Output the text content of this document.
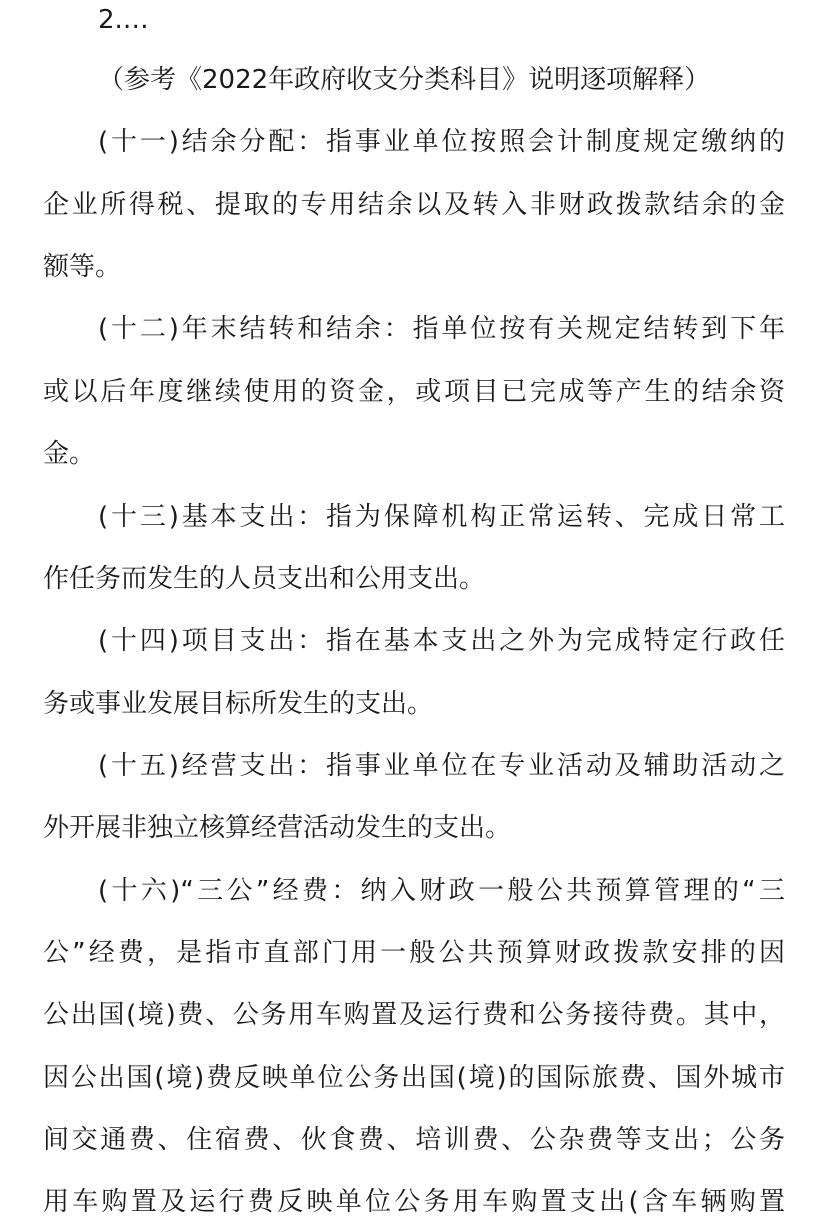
2.…
（参考《2022年政府收支分类科目》说明逐项解释）
(十一)结余分配：指事业单位按照会计制度规定缴纳的
企业所得税、提取的专用结余以及转入非财政拨款结余的金
额等。
(十二)年末结转和结余：指单位按有关规定结转到下年
或以后年度继续使用的资金，或项目已完成等产生的结余资
金。
(十三)基本支出：指为保障机构正常运转、完成日常工
作任务而发生的人员支出和公用支出。
(十四)项目支出：指在基本支出之外为完成特定行政任
务或事业发展目标所发生的支出。
(十五)经营支出：指事业单位在专业活动及辅助活动之
外开展非独立核算经营活动发生的支出。
(十六)“三公”经费：纳入财政一般公共预算管理的“三
公”经费，是指市直部门用一般公共预算财政拨款安排的因
公出国(境)费、公务用车购置及运行费和公务接待费。其中，
因公出国(境)费反映单位公务出国(境)的国际旅费、国外城市
间交通费、住宿费、伙食费、培训费、公杂费等支出；公务
用车购置及运行费反映单位公务用车购置支出(含车辆购置
